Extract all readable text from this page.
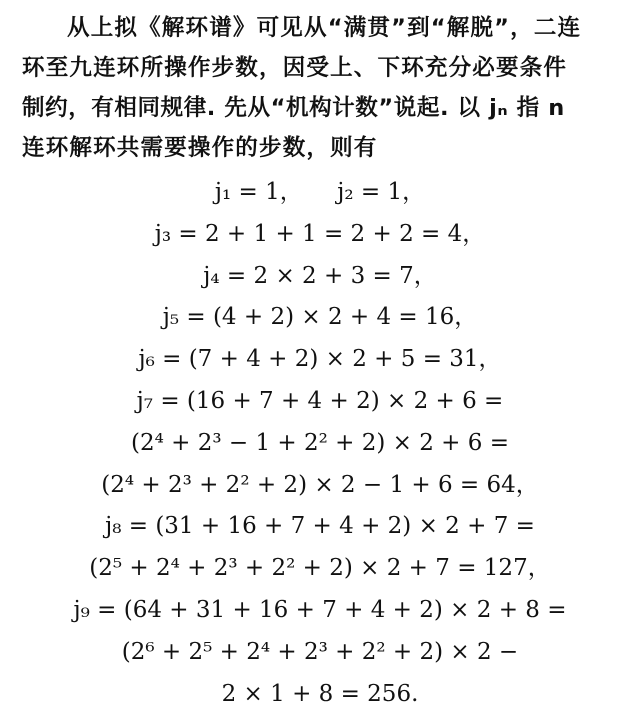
从上拟《解环谱》可见从“满贯”到“解脱”，二连
环至九连环所操作步数，因受上、下环充分必要条件
制约，有相同规律. 先从“机构计数”说起. 以 jₙ 指 n
连环解环共需要操作的步数，则有
j₁ = 1，　　j₂ = 1，
j₃ = 2 + 1 + 1 = 2 + 2 = 4，
j₄ = 2 × 2 + 3 = 7，
j₅ = (4 + 2) × 2 + 4 = 16，
j₆ = (7 + 4 + 2) × 2 + 5 = 31，
j₇ = (16 + 7 + 4 + 2) × 2 + 6 =
(2⁴ + 2³ − 1 + 2² + 2) × 2 + 6 =
(2⁴ + 2³ + 2² + 2) × 2 − 1 + 6 = 64，
j₈ = (31 + 16 + 7 + 4 + 2) × 2 + 7 =
(2⁵ + 2⁴ + 2³ + 2² + 2) × 2 + 7 = 127，
j₉ = (64 + 31 + 16 + 7 + 4 + 2) × 2 + 8 =
(2⁶ + 2⁵ + 2⁴ + 2³ + 2² + 2) × 2 −
2 × 1 + 8 = 256.
